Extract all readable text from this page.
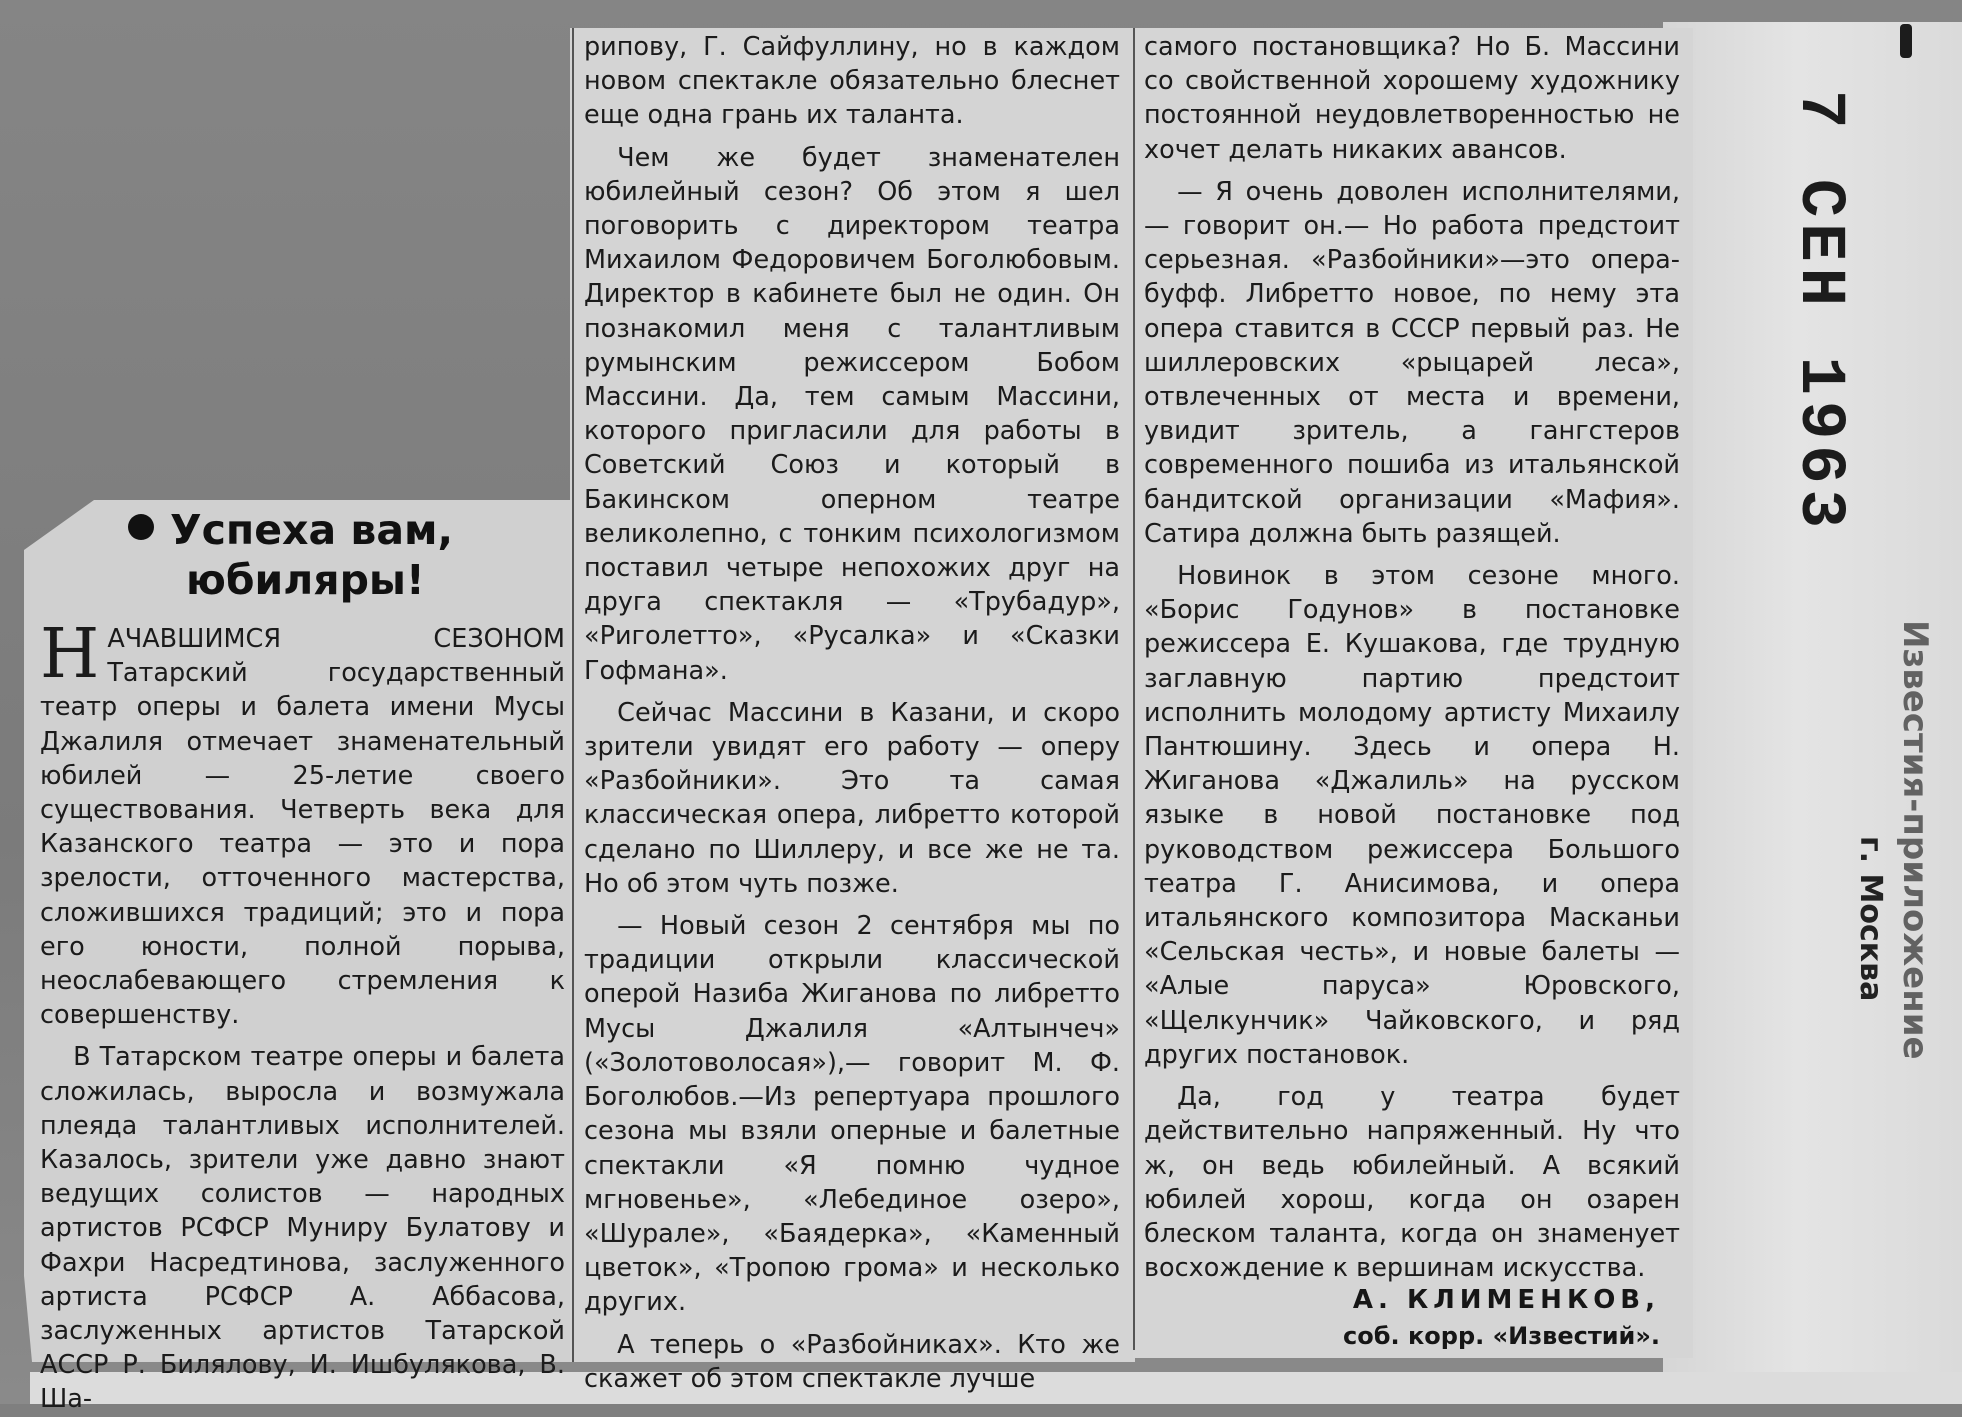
Успеха вам,
юбиляры!

НАЧАВШИМСЯ СЕЗОНОМ Татарский государственный театр оперы и балета имени Мусы Джалиля отмечает знаменательный юбилей — 25-летие своего существования. Четверть века для Казанского театра — это и пора зрелости, отточенного мастерства, сложившихся традиций; это и пора его юности, полной порыва, неослабевающего стремления к совершенству.

В Татарском театре оперы и балета сложилась, выросла и возмужала плеяда талантливых исполнителей. Казалось, зрители уже давно знают ведущих солистов — народных артистов РСФСР Муниру Булатову и Фахри Насредтинова, заслуженного артиста РСФСР А. Аббасова, заслуженных артистов Татарской АССР Р. Билялову, И. Ишбулякова, В. Ша-

рипову, Г. Сайфуллину, но в каждом новом спектакле обязательно блеснет еще одна грань их таланта.

Чем же будет знаменателен юбилейный сезон? Об этом я шел поговорить с директором театра Михаилом Федоровичем Боголюбовым. Директор в кабинете был не один. Он познакомил меня с талантливым румынским режиссером Бобом Массини. Да, тем самым Массини, которого пригласили для работы в Советский Союз и который в Бакинском оперном театре великолепно, с тонким психологизмом поставил четыре непохожих друг на друга спектакля — «Трубадур», «Риголетто», «Русалка» и «Сказки Гофмана».

Сейчас Массини в Казани, и скоро зрители увидят его работу — оперу «Разбойники». Это та самая классическая опера, либретто которой сделано по Шиллеру, и все же не та. Но об этом чуть позже.

— Новый сезон 2 сентября мы по традиции открыли классической оперой Назиба Жиганова по либретто Мусы Джалиля «Алтынчеч» («Золотоволосая»),— говорит М. Ф. Боголюбов.—Из репертуара прошлого сезона мы взяли оперные и балетные спектакли «Я помню чудное мгновенье», «Лебединое озеро», «Шурале», «Баядерка», «Каменный цветок», «Тропою грома» и несколько других.

А теперь о «Разбойниках». Кто же скажет об этом спектакле лучше

самого постановщика? Но Б. Массини со свойственной хорошему художнику постоянной неудовлетворенностью не хочет делать никаких авансов.

— Я очень доволен исполнителями,— говорит он.— Но работа предстоит серьезная. «Разбойники»—это опера-буфф. Либретто новое, по нему эта опера ставится в СССР первый раз. Не шиллеровских «рыцарей леса», отвлеченных от места и времени, увидит зритель, а гангстеров современного пошиба из итальянской бандитской организации «Мафия». Сатира должна быть разящей.

Новинок в этом сезоне много. «Борис Годунов» в постановке режиссера Е. Кушакова, где трудную заглавную партию предстоит исполнить молодому артисту Михаилу Пантюшину. Здесь и опера Н. Жиганова «Джалиль» на русском языке в новой постановке под руководством режиссера Большого театра Г. Анисимова, и опера итальянского композитора Масканьи «Сельская честь», и новые балеты — «Алые паруса» Юровского, «Щелкунчик» Чайковского, и ряд других постановок.

Да, год у театра будет действительно напряженный. Ну что ж, он ведь юбилейный. А всякий юбилей хорош, когда он озарен блеском таланта, когда он знаменует восхождение к вершинам искусства.

А. КЛИМЕНКОВ,
соб. корр. «Известий».
7 СЕН 1963
Известия-приложение
г. Москва
